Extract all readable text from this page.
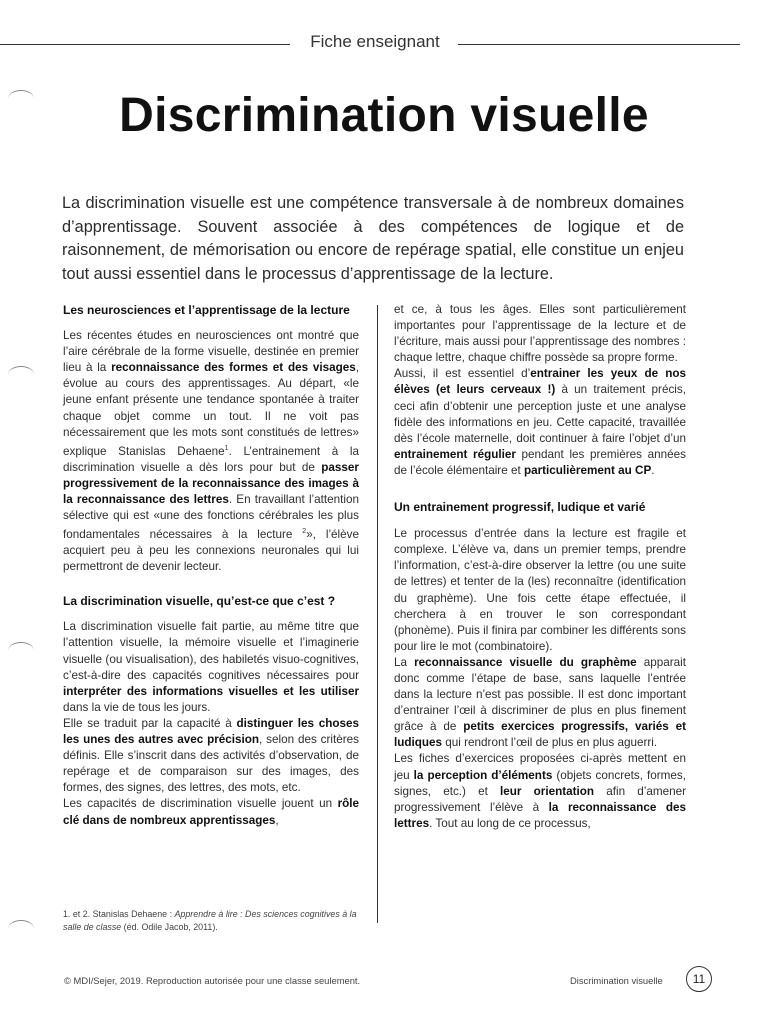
Fiche enseignant
Discrimination visuelle

La discrimination visuelle est une compétence transversale à de nombreux domaines d’apprentissage. Souvent associée à des compétences de logique et de raisonnement, de mémorisation ou encore de repérage spatial, elle constitue un enjeu tout aussi essentiel dans le processus d’apprentissage de la lecture.

Les neurosciences et l’apprentissage de la lecture

Les récentes études en neurosciences ont montré que l’aire cérébrale de la forme visuelle, destinée en premier lieu à la reconnaissance des formes et des visages, évolue au cours des apprentissages. Au départ, «le jeune enfant présente une tendance spontanée à traiter chaque objet comme un tout. Il ne voit pas nécessairement que les mots sont constitués de lettres» explique Stanislas Dehaene$^1$. L’entrainement à la discrimination visuelle a dès lors pour but de passer progressivement de la reconnaissance des images à la reconnaissance des lettres. En travaillant l’attention sélective qui est «une des fonctions cérébrales les plus fondamentales nécessaires à la lecture $^2$», l’élève acquiert peu à peu les connexions neuronales qui lui permettront de devenir lecteur.

La discrimination visuelle, qu’est-ce que c’est ?

La discrimination visuelle fait partie, au même titre que l’attention visuelle, la mémoire visuelle et l’imaginerie visuelle (ou visualisation), des habiletés visuo-cognitives, c’est-à-dire des capacités cognitives nécessaires pour interpréter des informations visuelles et les utiliser dans la vie de tous les jours.

Elle se traduit par la capacité à distinguer les choses les unes des autres avec précision, selon des critères définis. Elle s’inscrit dans des activités d’observation, de repérage et de comparaison sur des images, des formes, des signes, des lettres, des mots, etc.

Les capacités de discrimination visuelle jouent un rôle clé dans de nombreux apprentissages,

1. et 2. Stanislas Dehaene : Apprendre à lire : Des sciences cognitives à la salle de classe (éd. Odile Jacob, 2011).

et ce, à tous les âges. Elles sont particulièrement importantes pour l’apprentissage de la lecture et de l’écriture, mais aussi pour l’apprentissage des nombres : chaque lettre, chaque chiffre possède sa propre forme.

Aussi, il est essentiel d’entrainer les yeux de nos élèves (et leurs cerveaux !) à un traitement précis, ceci afin d’obtenir une perception juste et une analyse fidèle des informations en jeu. Cette capacité, travaillée dès l’école maternelle, doit continuer à faire l’objet d’un entrainement régulier pendant les premières années de l’école élémentaire et particulièrement au CP.

Un entrainement progressif, ludique et varié

Le processus d’entrée dans la lecture est fragile et complexe. L’élève va, dans un premier temps, prendre l’information, c’est-à-dire observer la lettre (ou une suite de lettres) et tenter de la (les) reconnaître (identification du graphème). Une fois cette étape effectuée, il cherchera à en trouver le son correspondant (phonème). Puis il finira par combiner les différents sons pour lire le mot (combinatoire).

La reconnaissance visuelle du graphème apparait donc comme l’étape de base, sans laquelle l’entrée dans la lecture n’est pas possible. Il est donc important d’entrainer l’œil à discriminer de plus en plus finement grâce à de petits exercices progressifs, variés et ludiques qui rendront l’œil de plus en plus aguerri.

Les fiches d’exercices proposées ci-après mettent en jeu la perception d’éléments (objets concrets, formes, signes, etc.) et leur orientation afin d’amener progressivement l’élève à la reconnaissance des lettres. Tout au long de ce processus,

© MDI/Sejer, 2019. Reproduction autorisée pour une classe seulement.	Discrimination visuelle	11
